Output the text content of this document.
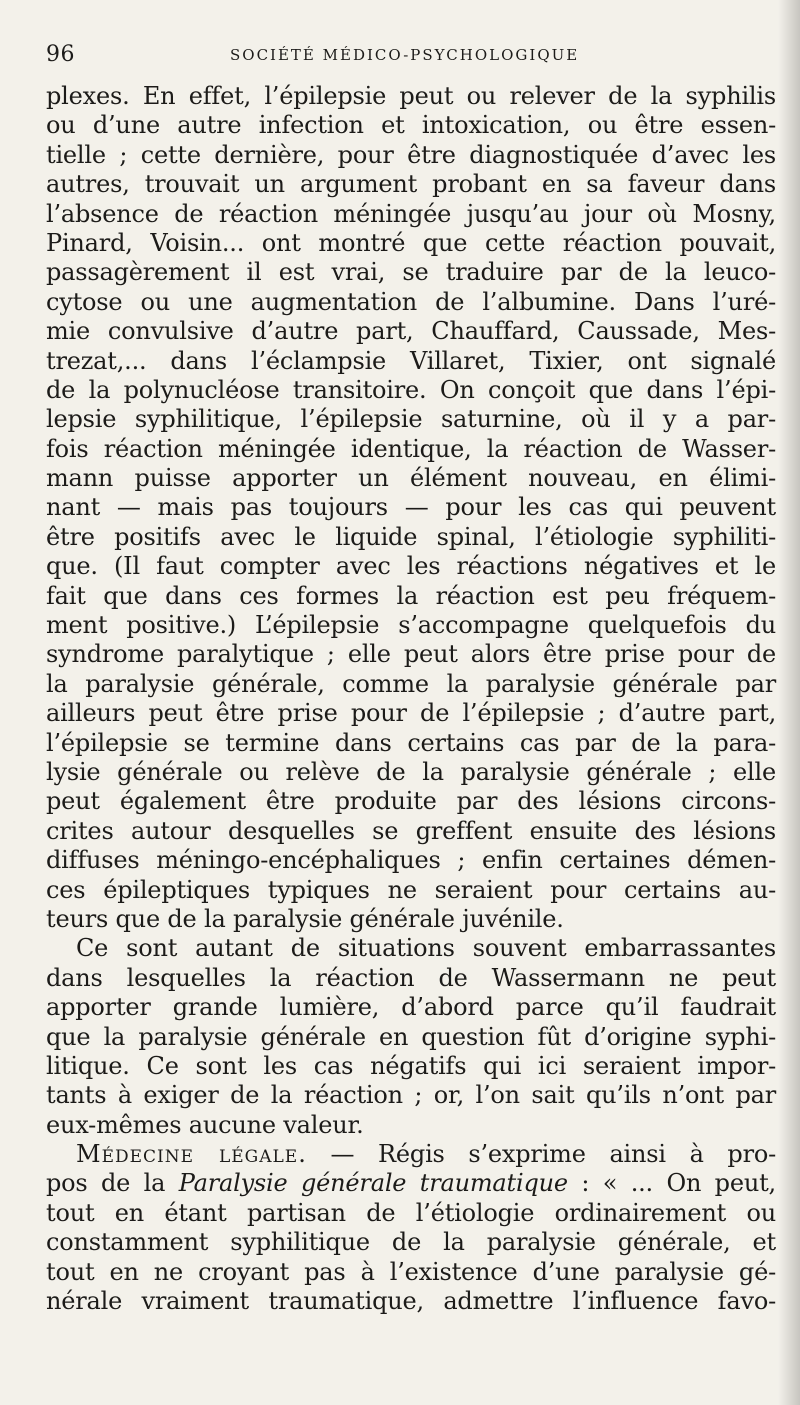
96	SOCIÉTÉ MÉDICO-PSYCHOLOGIQUE
plexes. En effet, l’épilepsie peut ou relever de la syphilis
ou d’une autre infection et intoxication, ou être essen-
tielle ; cette dernière, pour être diagnostiquée d’avec les
autres, trouvait un argument probant en sa faveur dans
l’absence de réaction méningée jusqu’au jour où Mosny,
Pinard, Voisin... ont montré que cette réaction pouvait,
passagèrement il est vrai, se traduire par de la leuco-
cytose ou une augmentation de l’albumine. Dans l’uré-
mie convulsive d’autre part, Chauffard, Caussade, Mes-
trezat,... dans l’éclampsie Villaret, Tixier, ont signalé
de la polynucléose transitoire. On conçoit que dans l’épi-
lepsie syphilitique, l’épilepsie saturnine, où il y a par-
fois réaction méningée identique, la réaction de Wasser-
mann puisse apporter un élément nouveau, en élimi-
nant — mais pas toujours — pour les cas qui peuvent
être positifs avec le liquide spinal, l’étiologie syphiliti-
que. (Il faut compter avec les réactions négatives et le
fait que dans ces formes la réaction est peu fréquem-
ment positive.) L’épilepsie s’accompagne quelquefois du
syndrome paralytique ; elle peut alors être prise pour de
la paralysie générale, comme la paralysie générale par
ailleurs peut être prise pour de l’épilepsie ; d’autre part,
l’épilepsie se termine dans certains cas par de la para-
lysie générale ou relève de la paralysie générale ; elle
peut également être produite par des lésions circons-
crites autour desquelles se greffent ensuite des lésions
diffuses méningo-encéphaliques ; enfin certaines démen-
ces épileptiques typiques ne seraient pour certains au-
teurs que de la paralysie générale juvénile.
Ce sont autant de situations souvent embarrassantes
dans lesquelles la réaction de Wassermann ne peut
apporter grande lumière, d’abord parce qu’il faudrait
que la paralysie générale en question fût d’origine syphi-
litique. Ce sont les cas négatifs qui ici seraient impor-
tants à exiger de la réaction ; or, l’on sait qu’ils n’ont par
eux-mêmes aucune valeur.
Médecine légale. — Régis s’exprime ainsi à pro-
pos de la Paralysie générale traumatique : « ... On peut,
tout en étant partisan de l’étiologie ordinairement ou
constamment syphilitique de la paralysie générale, et
tout en ne croyant pas à l’existence d’une paralysie gé-
nérale vraiment traumatique, admettre l’influence favo-
